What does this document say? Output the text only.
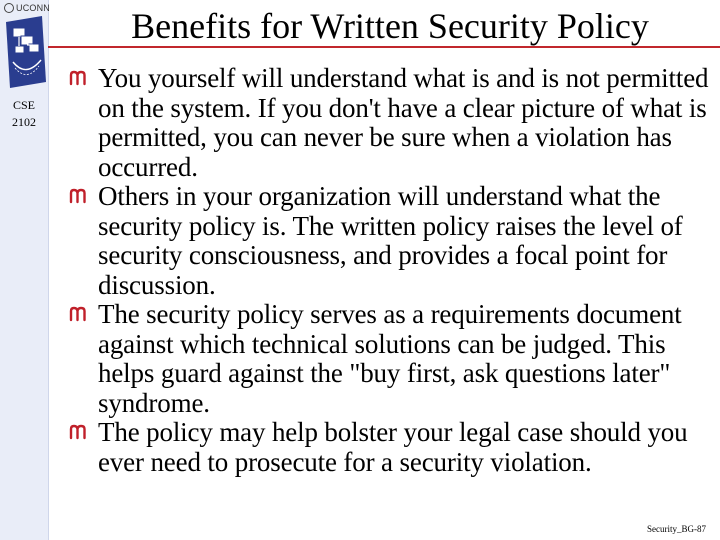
UCONN
CSE
2102
Benefits for Written Security Policy
You yourself will understand what is and is not permitted on the system. If you don't have a clear picture of what is permitted, you can never be sure when a violation has occurred.
Others in your organization will understand what the security policy is. The written policy raises the level of security consciousness, and provides a focal point for discussion.
The security policy serves as a requirements document against which technical solutions can be judged. This helps guard against the "buy first, ask questions later" syndrome.
The policy may help bolster your legal case should you ever need to prosecute for a security violation.
Security_BG-87
